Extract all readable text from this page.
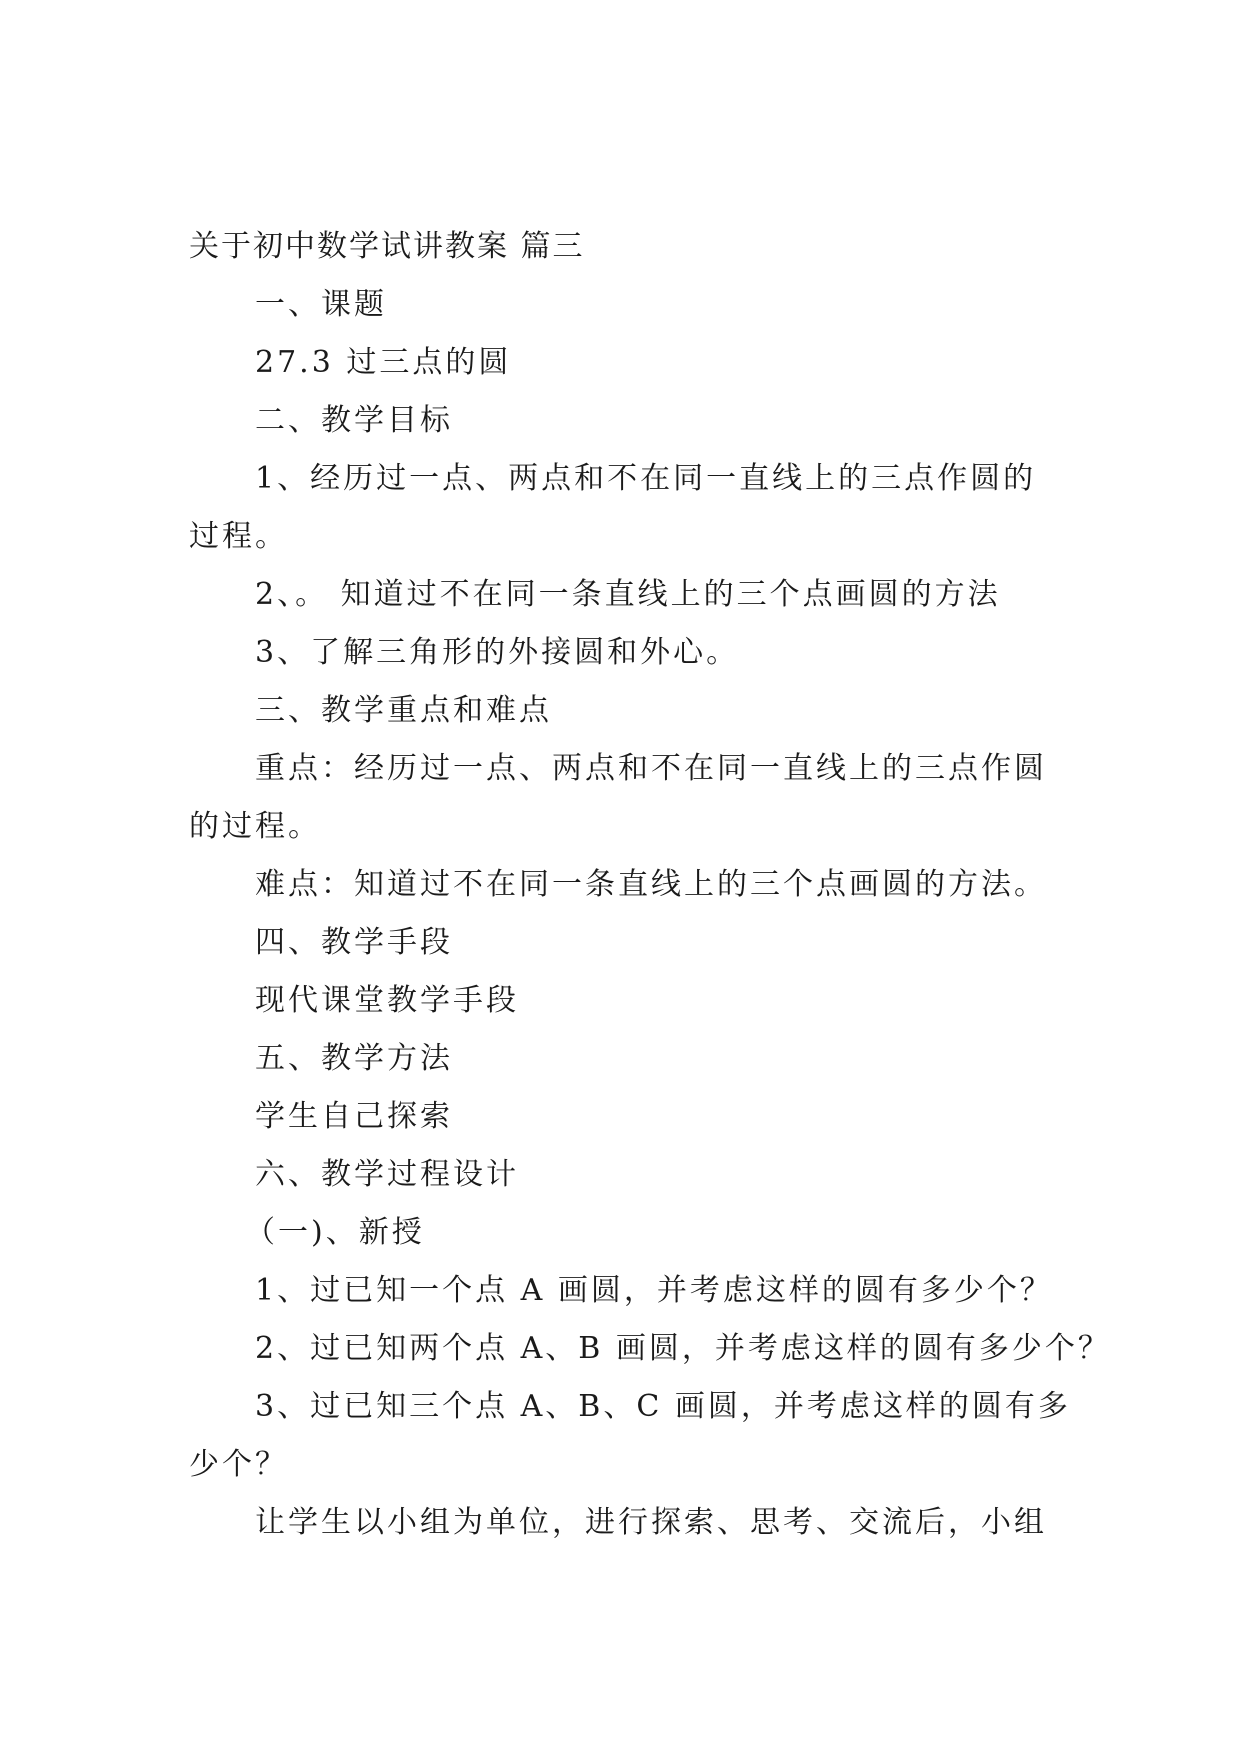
关于初中数学试讲教案 篇三
一、课题
27.3 过三点的圆
二、教学目标
1、经历过一点、两点和不在同一直线上的三点作圆的
过程。
2、。 知道过不在同一条直线上的三个点画圆的方法
3、了解三角形的外接圆和外心。
三、教学重点和难点
重点：经历过一点、两点和不在同一直线上的三点作圆
的过程。
难点：知道过不在同一条直线上的三个点画圆的方法。
四、教学手段
现代课堂教学手段
五、教学方法
学生自己探索
六、教学过程设计
（一)、新授
1、过已知一个点 A 画圆，并考虑这样的圆有多少个？
2、过已知两个点 A、B 画圆，并考虑这样的圆有多少个？
3、过已知三个点 A、B、C 画圆，并考虑这样的圆有多
少个？
让学生以小组为单位，进行探索、思考、交流后，小组
